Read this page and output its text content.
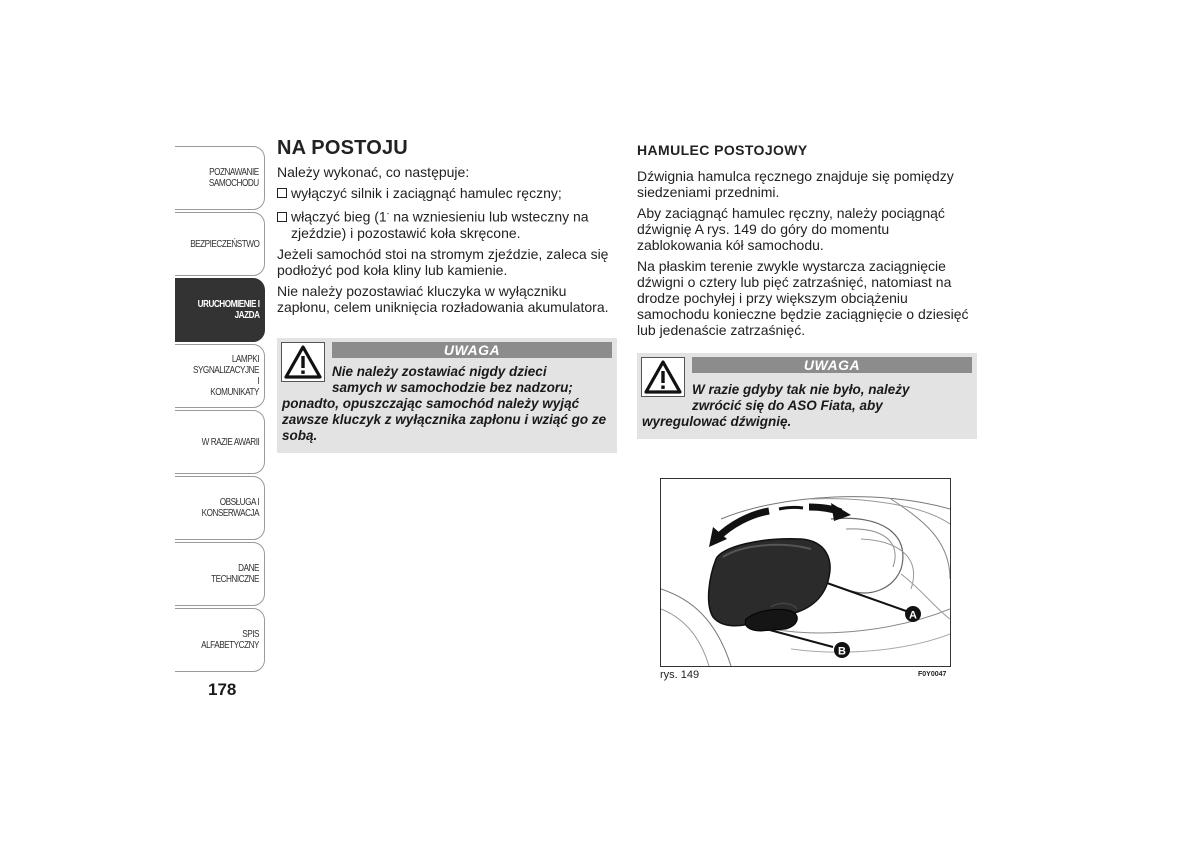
POZNAWANIE
SAMOCHODU
BEZPIECZEŃSTWO
URUCHOMIENIE I
JAZDA
LAMPKI
SYGNALIZACYJNE I
KOMUNIKATY
W RAZIE AWARII
OBSŁUGA I
KONSERWACJA
DANE TECHNICZNE
SPIS ALFABETYCZNY
178
NA POSTOJU

Należy wykonać, co następuje:

wyłączyć silnik i zaciągnąć hamulec ręczny;
włączyć bieg (1- na wzniesieniu lub wsteczny na zjeździe) i pozostawić koła skręcone.

Jeżeli samochód stoi na stromym zjeździe, zaleca się podłożyć pod koła kliny lub kamienie.

Nie należy pozostawiać kluczyka w wyłączniku zapłonu, celem uniknięcia rozładowania akumulatora.

UWAGA
Nie należy zostawiać nigdy dzieci
samych w samochodzie bez nadzoru;
ponadto, opuszczając samochód należy wyjąć zawsze kluczyk z wyłącznika zapłonu i wziąć go ze sobą.
HAMULEC POSTOJOWY

Dźwignia hamulca ręcznego znajduje się pomiędzy siedzeniami przednimi.

Aby zaciągnąć hamulec ręczny, należy pociągnąć dźwignię A rys. 149 do góry do momentu zablokowania kół samochodu.

Na płaskim terenie zwykle wystarcza zaciągnięcie dźwigni o cztery lub pięć zatrzaśnięć, natomiast na drodze pochyłej i przy większym obciążeniu samochodu konieczne będzie zaciągnięcie o dziesięć lub jedenaście zatrzaśnięć.

UWAGA
W razie gdyby tak nie było, należy
zwrócić się do ASO Fiata, aby
wyregulować dźwignię.
A
B
rys. 149	F0Y0047
